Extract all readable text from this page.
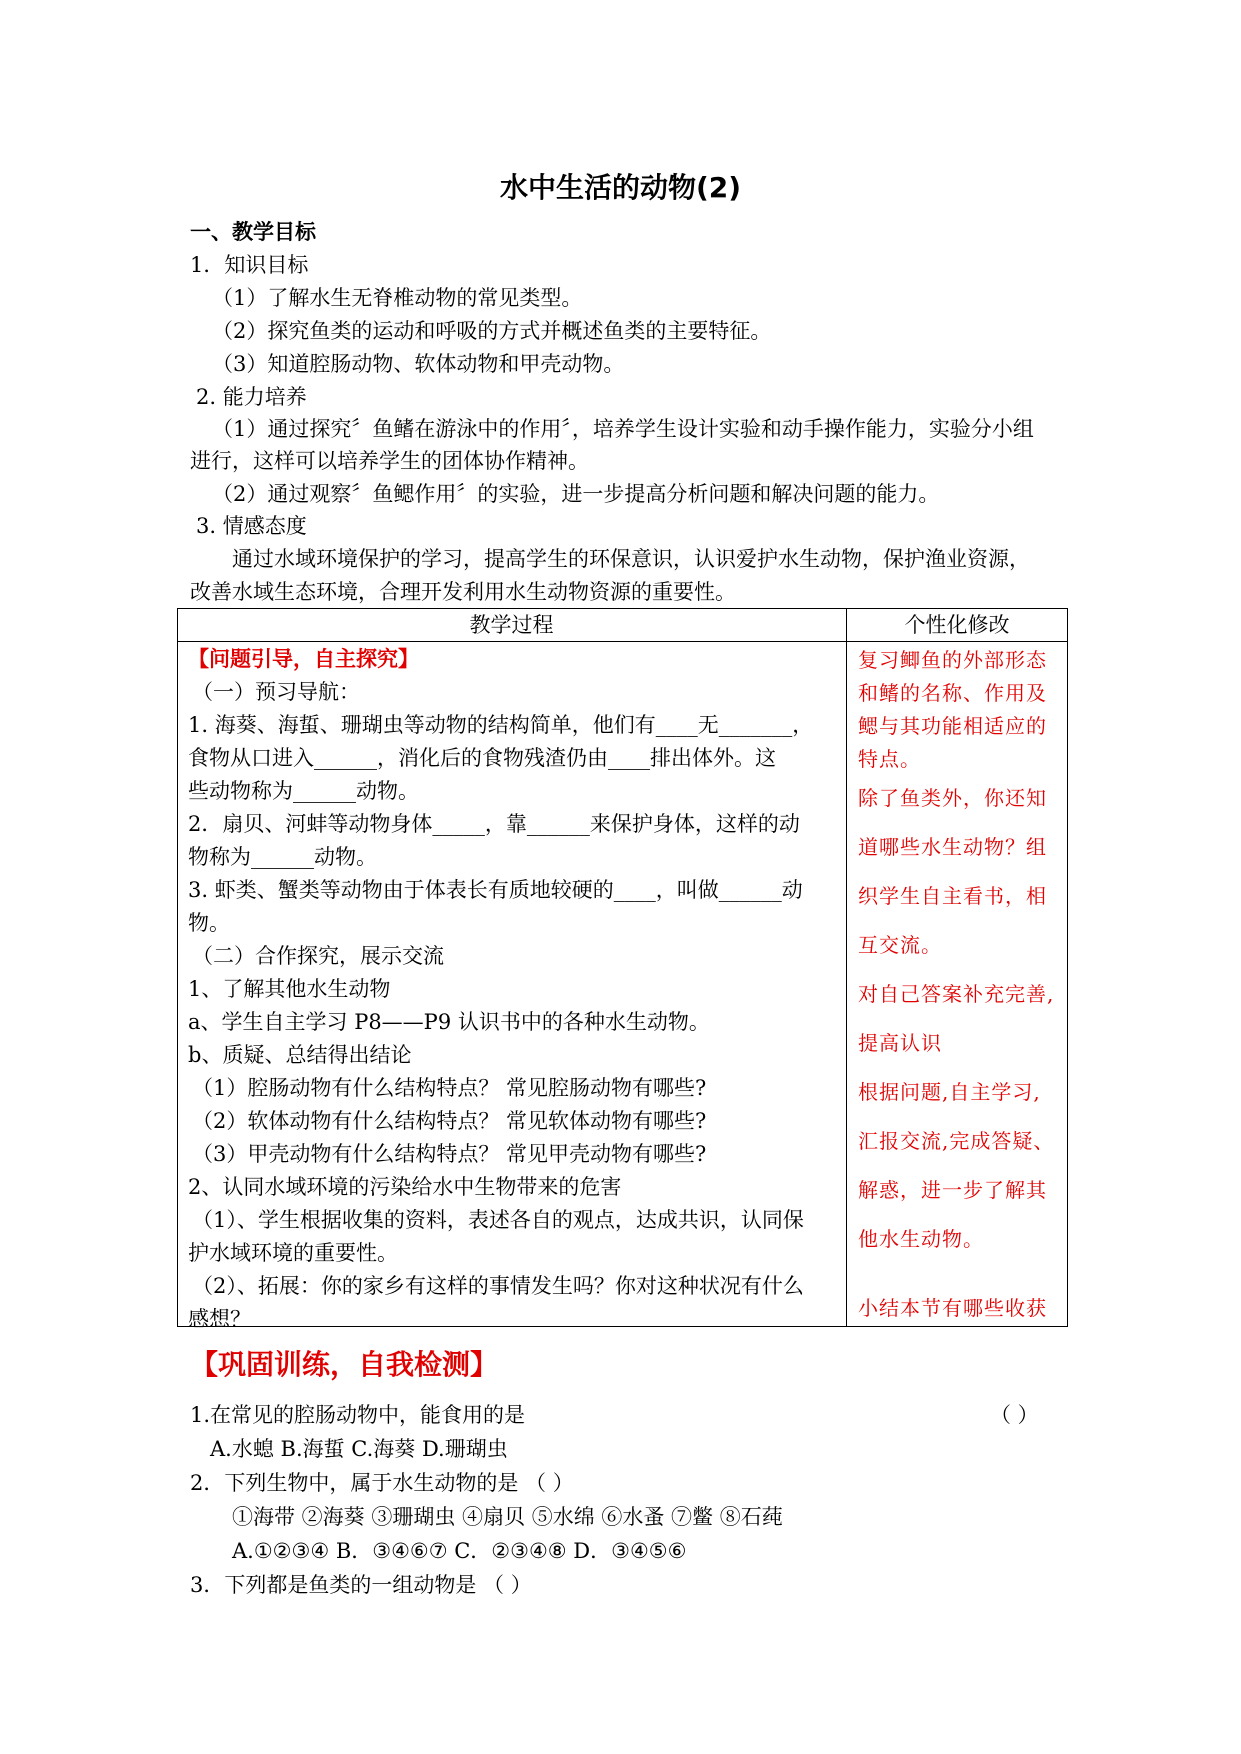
水中生活的动物(2)
一、教学目标
1．知识目标
（1）了解水生无脊椎动物的常见类型。
（2）探究鱼类的运动和呼吸的方式并概述鱼类的主要特征。
（3）知道腔肠动物、软体动物和甲壳动物。
2. 能力培养
（1）通过探究〞鱼鳍在游泳中的作用〞，培养学生设计实验和动手操作能力，实验分小组
进行，这样可以培养学生的团体协作精神。
（2）通过观察〞鱼鳃作用〞的实验，进一步提高分析问题和解决问题的能力。
3. 情感态度
通过水域环境保护的学习，提高学生的环保意识，认识爱护水生动物，保护渔业资源，
改善水域生态环境，合理开发利用水生动物资源的重要性。
教学过程	个性化修改
【问题引导，自主探究】
（一）预习导航：
1. 海葵、海蜇、珊瑚虫等动物的结构简单，他们有____无_______，
食物从口进入______，消化后的食物残渣仍由____排出体外。这
些动物称为______动物。
2．扇贝、河蚌等动物身体_____，靠______来保护身体，这样的动
物称为______动物。
3. 虾类、蟹类等动物由于体表长有质地较硬的____，叫做______动
物。
（二）合作探究，展示交流
1、了解其他水生动物
a、学生自主学习 P8——P9 认识书中的各种水生动物。
b、质疑、总结得出结论
（1）腔肠动物有什么结构特点？ 常见腔肠动物有哪些?
（2）软体动物有什么结构特点？ 常见软体动物有哪些?
（3）甲壳动物有什么结构特点？ 常见甲壳动物有哪些?
2、认同水域环境的污染给水中生物带来的危害
（1）、学生根据收集的资料，表述各自的观点，达成共识，认同保
护水域环境的重要性。
（2）、拓展：你的家乡有这样的事情发生吗？你对这种状况有什么
感想？
复习鲫鱼的外部形态
和鳍的名称、作用及
鳃与其功能相适应的
特点。
除了鱼类外，你还知
道哪些水生动物？组
织学生自主看书，相
互交流。
对自己答案补充完善,
提高认识
根据问题,自主学习,
汇报交流,完成答疑、
解惑，进一步了解其
他水生动物。
小结本节有哪些收获
【巩固训练，自我检测】
1.在常见的腔肠动物中，能食用的是	（ ）
A.水螅 B.海蜇 C.海葵 D.珊瑚虫
2．下列生物中，属于水生动物的是 （ ）
①海带 ②海葵 ③珊瑚虫 ④扇贝 ⑤水绵 ⑥水蚤 ⑦鳖 ⑧石莼
A.①②③④ B．③④⑥⑦ C．②③④⑧ D．③④⑤⑥
3．下列都是鱼类的一组动物是 （ ）
